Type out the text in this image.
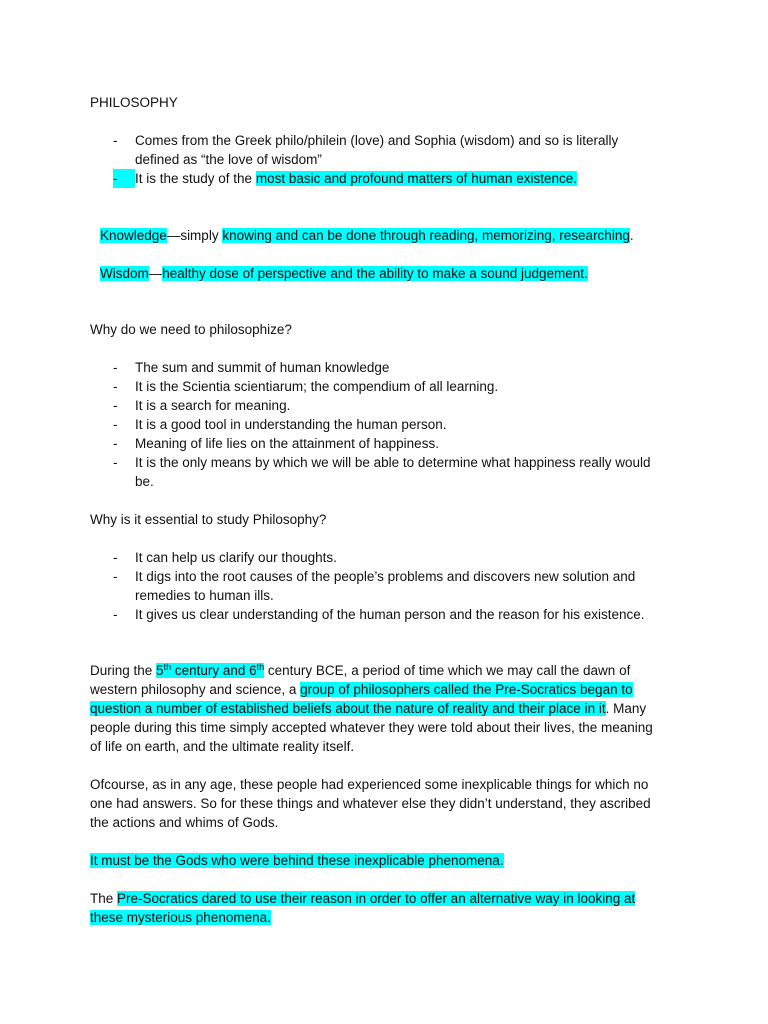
PHILOSOPHY
- Comes from the Greek philo/philein (love) and Sophia (wisdom) and so is literally
defined as “the love of wisdom”
-	It is the study of the most basic and profound matters of human existence.
Knowledge—simply knowing and can be done through reading, memorizing, researching.
Wisdom—healthy dose of perspective and the ability to make a sound judgement.
Why do we need to philosophize?
- The sum and summit of human knowledge
- It is the Scientia scientiarum; the compendium of all learning.
- It is a search for meaning.
- It is a good tool in understanding the human person.
- Meaning of life lies on the attainment of happiness.
- It is the only means by which we will be able to determine what happiness really would
be.
Why is it essential to study Philosophy?
- It can help us clarify our thoughts.
- It digs into the root causes of the people’s problems and discovers new solution and
remedies to human ills.
- It gives us clear understanding of the human person and the reason for his existence.
During the 5th century and 6th century BCE, a period of time which we may call the dawn of
western philosophy and science, a group of philosophers called the Pre-Socratics began to
question a number of established beliefs about the nature of reality and their place in it. Many
people during this time simply accepted whatever they were told about their lives, the meaning
of life on earth, and the ultimate reality itself.
Ofcourse, as in any age, these people had experienced some inexplicable things for which no
one had answers. So for these things and whatever else they didn’t understand, they ascribed
the actions and whims of Gods.
It must be the Gods who were behind these inexplicable phenomena.
The Pre-Socratics dared to use their reason in order to offer an alternative way in looking at
these mysterious phenomena.
